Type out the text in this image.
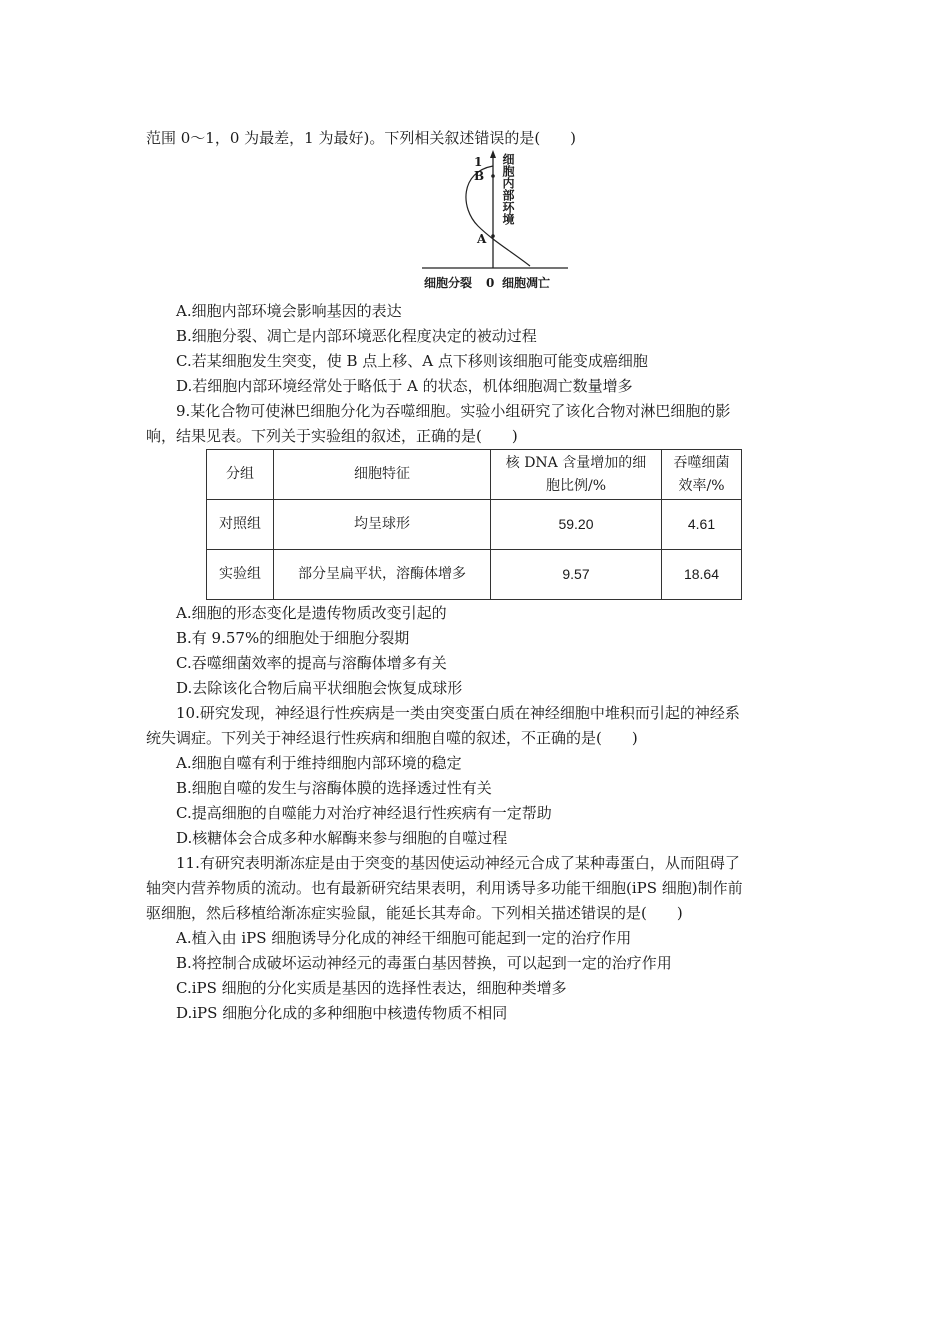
范围 0～1，0 为最差，1 为最好)。下列相关叙述错误的是(　　)
1
B
A
细胞内部环境
细胞分裂 0 细胞凋亡
A.细胞内部环境会影响基因的表达
B.细胞分裂、凋亡是内部环境恶化程度决定的被动过程
C.若某细胞发生突变，使 B 点上移、A 点下移则该细胞可能变成癌细胞
D.若细胞内部环境经常处于略低于 A 的状态，机体细胞凋亡数量增多
9.某化合物可使淋巴细胞分化为吞噬细胞。实验小组研究了该化合物对淋巴细胞的影
响，结果见表。下列关于实验组的叙述，正确的是(　　)
分组	细胞特征	核 DNA 含量增加的细胞比例/%	吞噬细菌效率/%
对照组	均呈球形	59.20	4.61
实验组	部分呈扁平状，溶酶体增多	9.57	18.64
A.细胞的形态变化是遗传物质改变引起的
B.有 9.57%的细胞处于细胞分裂期
C.吞噬细菌效率的提高与溶酶体增多有关
D.去除该化合物后扁平状细胞会恢复成球形
10.研究发现，神经退行性疾病是一类由突变蛋白质在神经细胞中堆积而引起的神经系
统失调症。下列关于神经退行性疾病和细胞自噬的叙述，不正确的是(　　)
A.细胞自噬有利于维持细胞内部环境的稳定
B.细胞自噬的发生与溶酶体膜的选择透过性有关
C.提高细胞的自噬能力对治疗神经退行性疾病有一定帮助
D.核糖体会合成多种水解酶来参与细胞的自噬过程
11.有研究表明渐冻症是由于突变的基因使运动神经元合成了某种毒蛋白，从而阻碍了
轴突内营养物质的流动。也有最新研究结果表明，利用诱导多功能干细胞(iPS 细胞)制作前
驱细胞，然后移植给渐冻症实验鼠，能延长其寿命。下列相关描述错误的是(　　)
A.植入由 iPS 细胞诱导分化成的神经干细胞可能起到一定的治疗作用
B.将控制合成破坏运动神经元的毒蛋白基因替换，可以起到一定的治疗作用
C.iPS 细胞的分化实质是基因的选择性表达，细胞种类增多
D.iPS 细胞分化成的多种细胞中核遗传物质不相同
